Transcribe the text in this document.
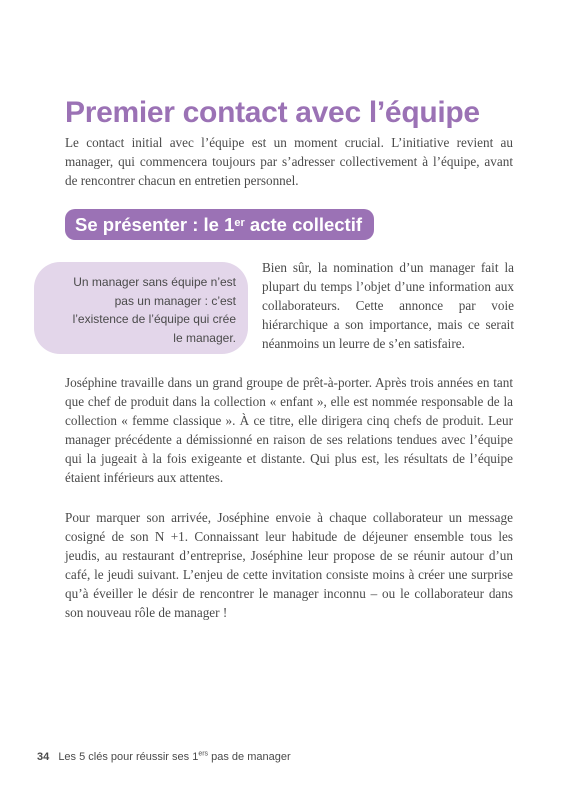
Premier contact avec l’équipe

Le contact initial avec l’équipe est un moment crucial. L’initiative revient au manager, qui commencera toujours par s’adresser collectivement à l’équipe, avant de rencontrer chacun en entretien personnel.

Se présenter : le 1er acte collectif
Un manager sans équipe n’est pas un manager : c’est l’existence de l’équipe qui crée le manager.

Bien sûr, la nomination d’un manager fait la plupart du temps l’objet d’une information aux collaborateurs. Cette annonce par voie hiérarchique a son importance, mais ce serait néanmoins un leurre de s’en satisfaire.

Joséphine travaille dans un grand groupe de prêt-à-porter. Après trois années en tant que chef de produit dans la collection « enfant », elle est nommée responsable de la collection « femme classique ». À ce titre, elle dirigera cinq chefs de produit. Leur manager précédente a démissionné en raison de ses relations tendues avec l’équipe qui la jugeait à la fois exigeante et distante. Qui plus est, les résultats de l’équipe étaient inférieurs aux attentes.

Pour marquer son arrivée, Joséphine envoie à chaque collaborateur un message cosigné de son N +1. Connaissant leur habitude de déjeuner ensemble tous les jeudis, au restaurant d’entreprise, Joséphine leur propose de se réunir autour d’un café, le jeudi suivant. L’enjeu de cette invitation consiste moins à créer une surprise qu’à éveiller le désir de rencontrer le manager inconnu – ou le collaborateur dans son nouveau rôle de manager !

34 Les 5 clés pour réussir ses 1ers pas de manager
